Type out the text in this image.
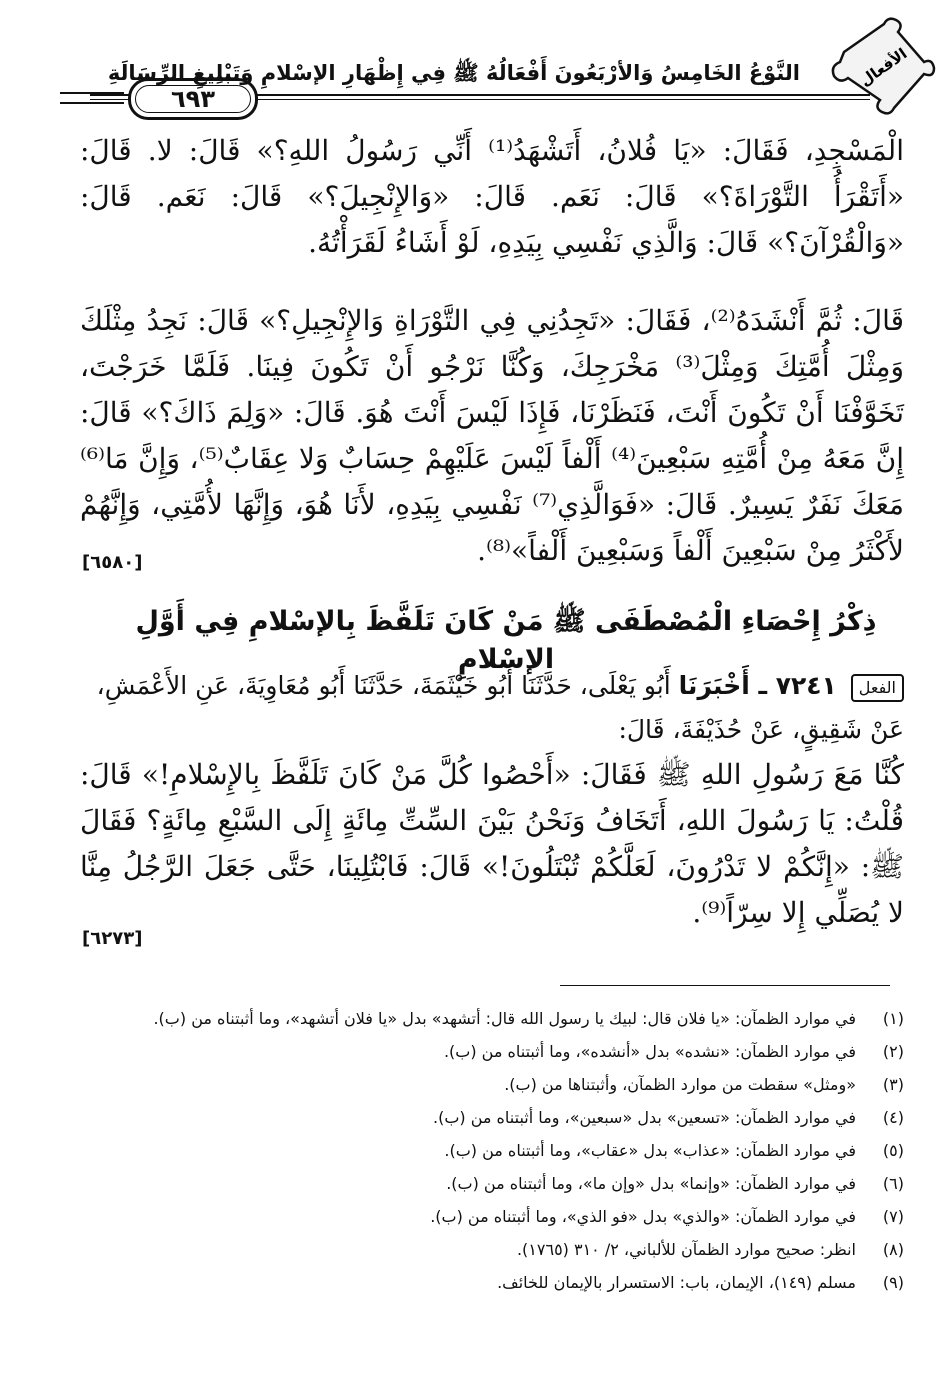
٦٩٣
النَّوْعُ الخَامِسُ وَالأرْبَعُونَ أَفْعَالُهُ ﷺ فِي إِظْهَارِ الإسْلامِ وَتَبْلِيغِ الرِّسَالَةِ	الأفعال
الْمَسْجِدِ، فَقَالَ: «يَا فُلانُ، أَتَشْهَدُ⁽¹⁾ أَنِّي رَسُولُ اللهِ؟» قَالَ: لا. قَالَ: «أَتَقْرَأُ التَّوْرَاةَ؟» قَالَ: نَعَم. قَالَ: «وَالإِنْجِيلَ؟» قَالَ: نَعَم. قَالَ: «وَالْقُرْآنَ؟» قَالَ: وَالَّذِي نَفْسِي بِيَدِهِ، لَوْ أَشَاءُ لَقَرَأْتُهُ.
قَالَ: ثُمَّ أَنْشَدَهُ⁽²⁾، فَقَالَ: «تَجِدُنِي فِي التَّوْرَاةِ وَالإِنْجِيلِ؟» قَالَ: نَجِدُ مِثْلَكَ وَمِثْلَ أُمَّتِكَ وَمِثْلَ⁽³⁾ مَخْرَجِكَ، وَكُنَّا نَرْجُو أَنْ تَكُونَ فِينَا. فَلَمَّا خَرَجْتَ، تَخَوَّفْنَا أَنْ تَكُونَ أَنْتَ، فَنَظَرْنَا، فَإِذَا لَيْسَ أَنْتَ هُوَ. قَالَ: «وَلِمَ ذَاكَ؟» قَالَ: إِنَّ مَعَهُ مِنْ أُمَّتِهِ سَبْعِينَ⁽⁴⁾ أَلْفاً لَيْسَ عَلَيْهِمْ حِسَابٌ وَلا عِقَابٌ⁽⁵⁾، وَإِنَّ مَا⁽⁶⁾ مَعَكَ نَفَرٌ يَسِيرٌ. قَالَ: «فَوَالَّذِي⁽⁷⁾ نَفْسِي بِيَدِهِ، لأَنَا هُوَ، وَإِنَّهَا لأُمَّتِي، وَإِنَّهُمْ لأَكْثَرُ مِنْ سَبْعِينَ أَلْفاً وَسَبْعِينَ أَلْفاً»⁽⁸⁾.
[٦٥٨٠]
ذِكْرُ إِحْصَاءِ الْمُصْطَفَى ﷺ مَنْ كَانَ تَلَفَّظَ بِالإسْلامِ فِي أَوَّلِ الإسْلامِ
الفعل ٧٢٤١ ـ أَخْبَرَنَا أَبُو يَعْلَى، حَدَّثَنَا أَبُو خَيْثَمَةَ، حَدَّثَنَا أَبُو مُعَاوِيَةَ، عَنِ الأَعْمَشِ، عَنْ شَقِيقٍ، عَنْ حُذَيْفَةَ، قَالَ:
كُنَّا مَعَ رَسُولِ اللهِ ﷺ فَقَالَ: «أَحْصُوا كُلَّ مَنْ كَانَ تَلَفَّظَ بِالإِسْلامِ!» قَالَ: قُلْتُ: يَا رَسُولَ اللهِ، أَتَخَافُ وَنَحْنُ بَيْنَ السِّتِّ مِائَةٍ إِلَى السَّبْعِ مِائَةٍ؟ فَقَالَ ﷺ: «إِنَّكُمْ لا تَدْرُونَ، لَعَلَّكُمْ تُبْتَلُونَ!» قَالَ: فَابْتُلِينَا، حَتَّى جَعَلَ الرَّجُلُ مِنَّا لا يُصَلِّي إِلا سِرّاً⁽⁹⁾.
[٦٢٧٣]
(١)
في موارد الظمآن: «يا فلان قال: لبيك يا رسول الله قال: أتشهد» بدل «يا فلان أتشهد»، وما أثبتناه من (ب).
(٢)
في موارد الظمآن: «نشده» بدل «أنشده»، وما أثبتناه من (ب).
(٣)
«ومثل» سقطت من موارد الظمآن، وأثبتناها من (ب).
(٤)
في موارد الظمآن: «تسعين» بدل «سبعين»، وما أثبتناه من (ب).
(٥)
في موارد الظمآن: «عذاب» بدل «عقاب»، وما أثبتناه من (ب).
(٦)
في موارد الظمآن: «وإنما» بدل «وإن ما»، وما أثبتناه من (ب).
(٧)
في موارد الظمآن: «والذي» بدل «فو الذي»، وما أثبتناه من (ب).
(٨)
انظر: صحيح موارد الظمآن للألباني، ٢/ ٣١٠ (١٧٦٥).
(٩)
مسلم (١٤٩)، الإيمان، باب: الاستسرار بالإيمان للخائف.
